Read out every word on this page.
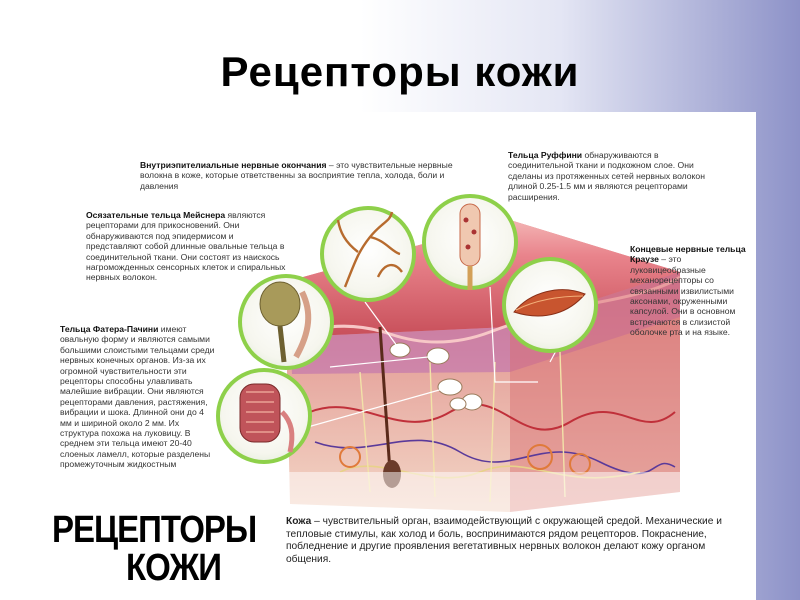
Рецепторы кожи
Внутриэпителиальные нервные окончания – это чувствительные нервные волокна в коже, которые ответственны за восприятие тепла, холода, боли и давления
Осязательные тельца Мейснера являются рецепторами для прикосновений. Они обнаруживаются под эпидермисом и представляют собой длинные овальные тельца в соединительной ткани. Они состоят из наискось нагроможденных сенсорных клеток и спиральных нервных волокон.
Тельца Фатера-Пачини имеют овальную форму и являются самыми большими слоистыми тельцами среди нервных конечных органов. Из-за их огромной чувствительности эти рецепторы способны улавливать малейшие вибрации. Они являются рецепторами давления, растяжения, вибрации и шока. Длинной они до 4 мм и шириной около 2 мм. Их структура похожа на луковицу. В среднем эти тельца имеют 20-40 слоеных ламелл, которые разделены промежуточным жидкостным
Тельца Руффини обнаруживаются в соединительной ткани и подкожном слое. Они сделаны из протяженных сетей нервных волокон длиной 0.25-1.5 мм и являются рецепторами расширения.
Концевые нервные тельца Краузе – это луковицеобразные механорецепторы со связанными извилистыми аксонами, окруженными капсулой. Они в основном встречаются в слизистой оболочке рта и на языке.
РЕЦЕПТОРЫ
КОЖИ
Кожа – чувствительный орган, взаимодействующий с окружающей средой. Механические и тепловые стимулы, как холод и боль, воспринимаются рядом рецепторов. Покраснение, побледнение и другие проявления вегетативных нервных волокон делают кожу органом общения.
